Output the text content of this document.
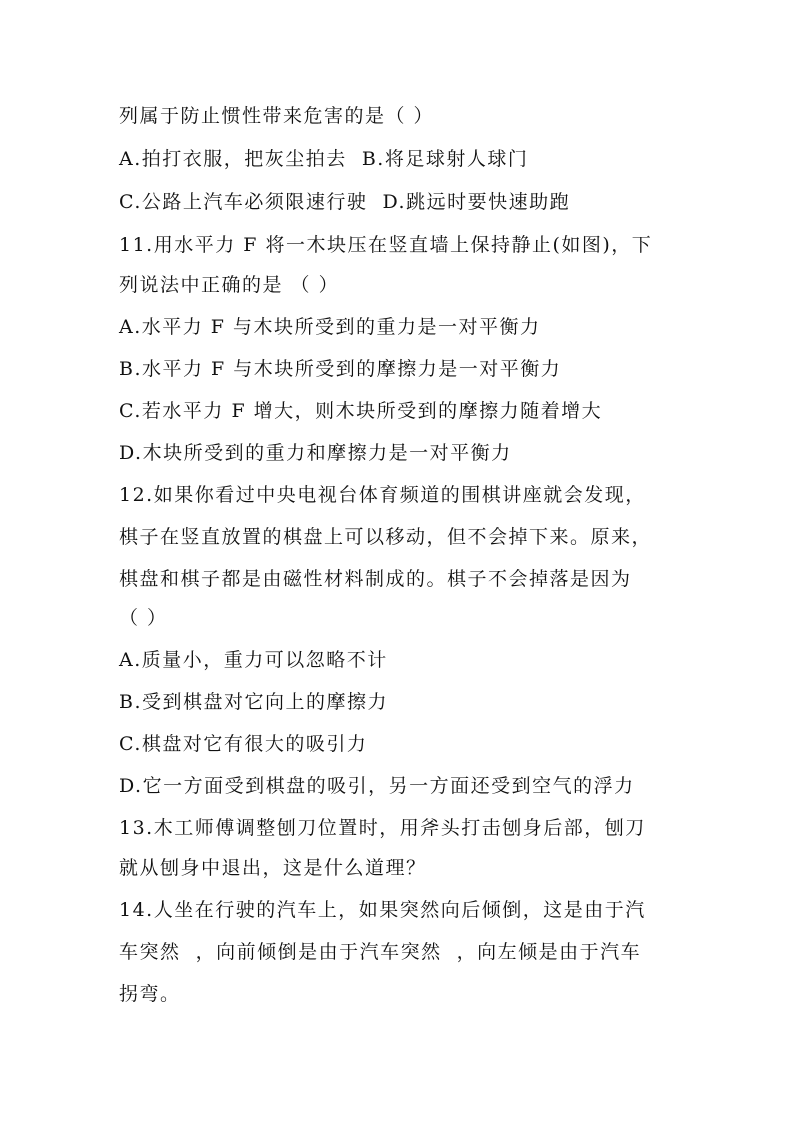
列属于防止惯性带来危害的是（ ）
A.拍打衣服，把灰尘拍去  B.将足球射人球门
C.公路上汽车必须限速行驶  D.跳远时要快速助跑
11.用水平力 F 将一木块压在竖直墙上保持静止(如图)，下
列说法中正确的是 （ ）
A.水平力 F 与木块所受到的重力是一对平衡力
B.水平力 F 与木块所受到的摩擦力是一对平衡力
C.若水平力 F 增大，则木块所受到的摩擦力随着增大
D.木块所受到的重力和摩擦力是一对平衡力
12.如果你看过中央电视台体育频道的围棋讲座就会发现，
棋子在竖直放置的棋盘上可以移动，但不会掉下来。原来，
棋盘和棋子都是由磁性材料制成的。棋子不会掉落是因为
（ ）
A.质量小，重力可以忽略不计
B.受到棋盘对它向上的摩擦力
C.棋盘对它有很大的吸引力
D.它一方面受到棋盘的吸引，另一方面还受到空气的浮力
13.木工师傅调整刨刀位置时，用斧头打击刨身后部，刨刀
就从刨身中退出，这是什么道理？
14.人坐在行驶的汽车上，如果突然向后倾倒，这是由于汽
车突然  ，向前倾倒是由于汽车突然  ，向左倾是由于汽车
拐弯。
